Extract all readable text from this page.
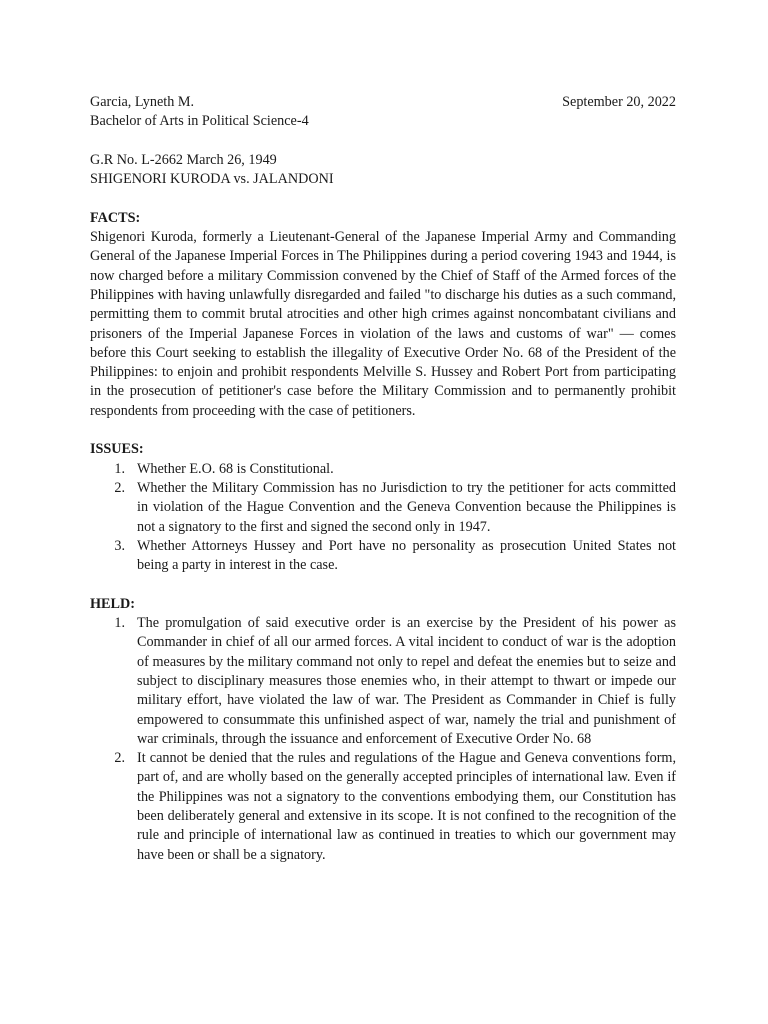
Garcia, Lyneth M.	September 20, 2022
Bachelor of Arts in Political Science-4
G.R No. L-2662 March 26, 1949
SHIGENORI KURODA vs. JALANDONI

FACTS:

Shigenori Kuroda, formerly a Lieutenant-General of the Japanese Imperial Army and Commanding General of the Japanese Imperial Forces in The Philippines during a period covering 1943 and 1944, is now charged before a military Commission convened by the Chief of Staff of the Armed forces of the Philippines with having unlawfully disregarded and failed "to discharge his duties as a such command, permitting them to commit brutal atrocities and other high crimes against noncombatant civilians and prisoners of the Imperial Japanese Forces in violation of the laws and customs of war" — comes before this Court seeking to establish the illegality of Executive Order No. 68 of the President of the Philippines: to enjoin and prohibit respondents Melville S. Hussey and Robert Port from participating in the prosecution of petitioner's case before the Military Commission and to permanently prohibit respondents from proceeding with the case of petitioners.

ISSUES:

1. Whether E.O. 68 is Constitutional.
2. Whether the Military Commission has no Jurisdiction to try the petitioner for acts committed in violation of the Hague Convention and the Geneva Convention because the Philippines is not a signatory to the first and signed the second only in 1947.
3. Whether Attorneys Hussey and Port have no personality as prosecution United States not being a party in interest in the case.

HELD:

1. The promulgation of said executive order is an exercise by the President of his power as Commander in chief of all our armed forces. A vital incident to conduct of war is the adoption of measures by the military command not only to repel and defeat the enemies but to seize and subject to disciplinary measures those enemies who, in their attempt to thwart or impede our military effort, have violated the law of war. The President as Commander in Chief is fully empowered to consummate this unfinished aspect of war, namely the trial and punishment of war criminals, through the issuance and enforcement of Executive Order No. 68
2. It cannot be denied that the rules and regulations of the Hague and Geneva conventions form, part of, and are wholly based on the generally accepted principles of international law. Even if the Philippines was not a signatory to the conventions embodying them, our Constitution has been deliberately general and extensive in its scope. It is not confined to the recognition of the rule and principle of international law as continued in treaties to which our government may have been or shall be a signatory.
